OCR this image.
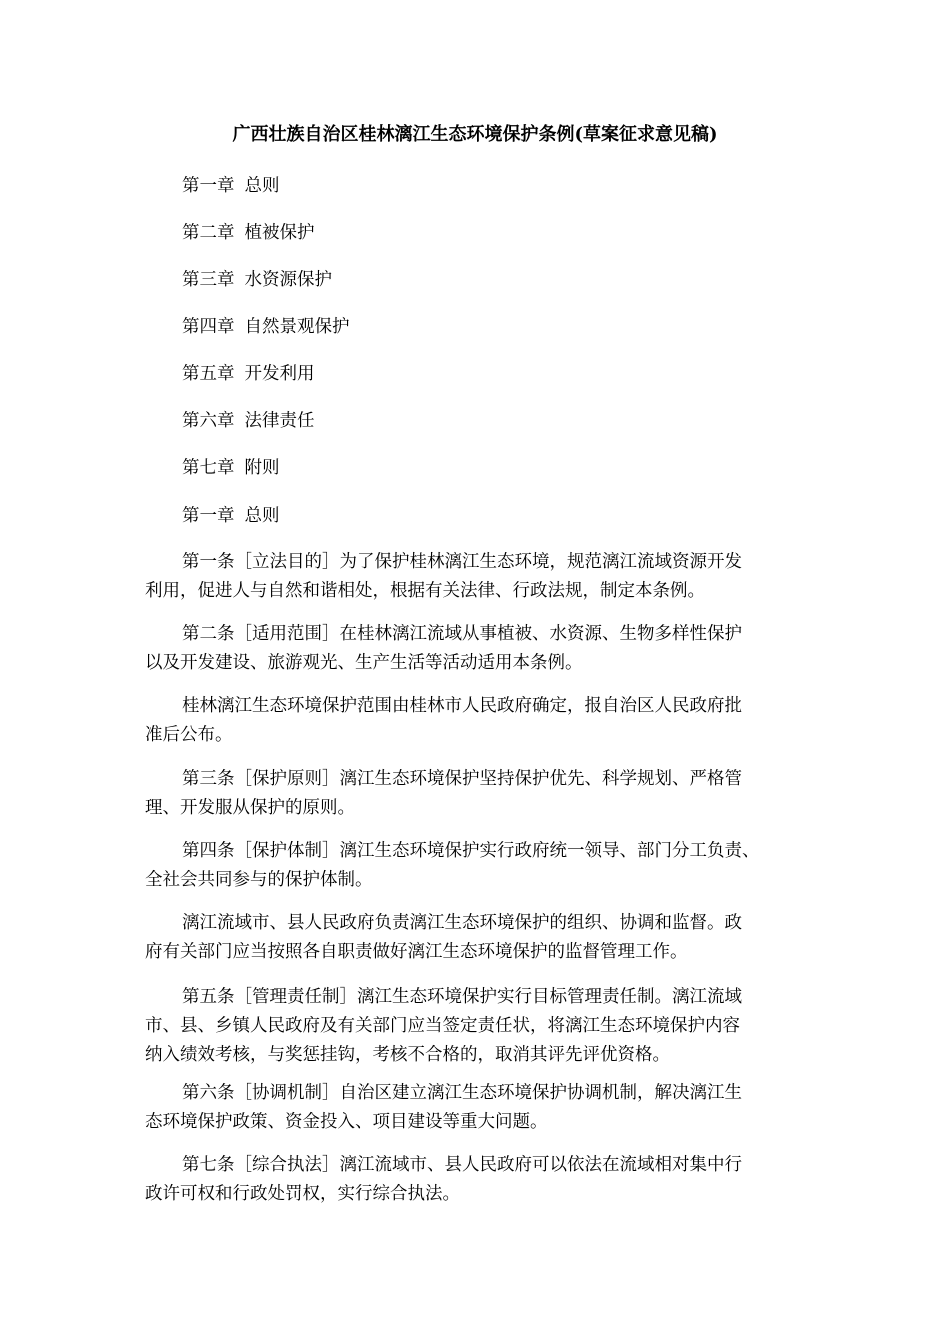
广西壮族自治区桂林漓江生态环境保护条例(草案征求意见稿)
第一章 总则
第二章 植被保护
第三章 水资源保护
第四章 自然景观保护
第五章 开发利用
第六章 法律责任
第七章 附则
第一章 总则
第一条［立法目的］为了保护桂林漓江生态环境，规范漓江流域资源开发
利用，促进人与自然和谐相处，根据有关法律、行政法规，制定本条例。
第二条［适用范围］在桂林漓江流域从事植被、水资源、生物多样性保护
以及开发建设、旅游观光、生产生活等活动适用本条例。
桂林漓江生态环境保护范围由桂林市人民政府确定，报自治区人民政府批
准后公布。
第三条［保护原则］漓江生态环境保护坚持保护优先、科学规划、严格管
理、开发服从保护的原则。
第四条［保护体制］漓江生态环境保护实行政府统一领导、部门分工负责、
全社会共同参与的保护体制。
漓江流域市、县人民政府负责漓江生态环境保护的组织、协调和监督。政
府有关部门应当按照各自职责做好漓江生态环境保护的监督管理工作。
第五条［管理责任制］漓江生态环境保护实行目标管理责任制。漓江流域
市、县、乡镇人民政府及有关部门应当签定责任状，将漓江生态环境保护内容
纳入绩效考核，与奖惩挂钩，考核不合格的，取消其评先评优资格。
第六条［协调机制］自治区建立漓江生态环境保护协调机制，解决漓江生
态环境保护政策、资金投入、项目建设等重大问题。
第七条［综合执法］漓江流域市、县人民政府可以依法在流域相对集中行
政许可权和行政处罚权，实行综合执法。
